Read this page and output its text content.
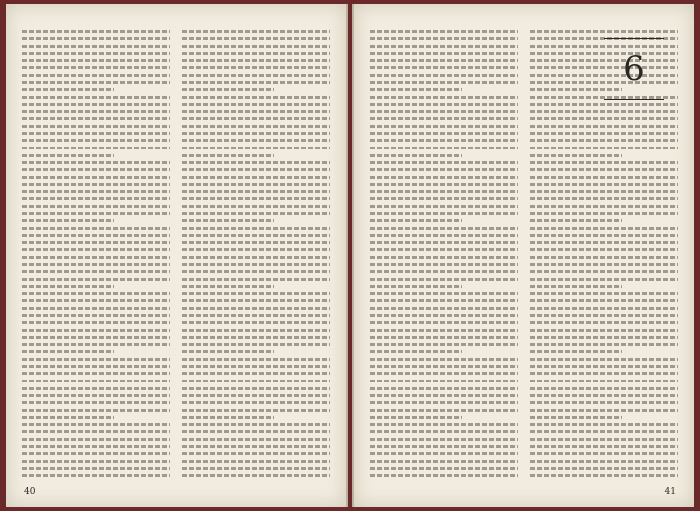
40
6
41
